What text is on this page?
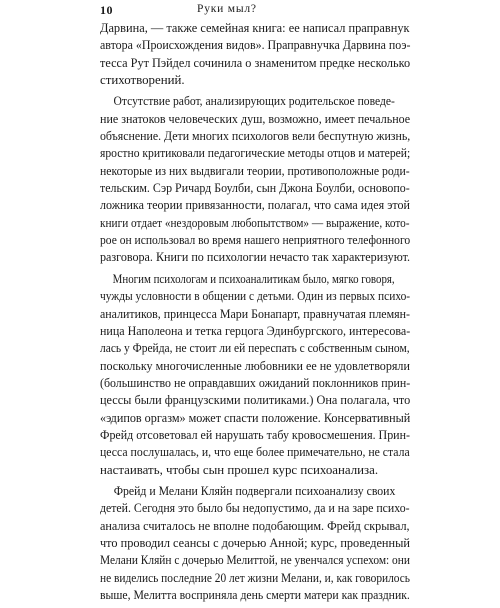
10	Руки мыл?
Дарвина, — также семейная книга: ее написал праправнук
автора «Происхождения видов». Праправнучка Дарвина поэ-
тесса Рут Пэйдел сочинила о знаменитом предке несколько
стихотворений.
Отсутствие работ, анализирующих родительское поведе-
ние знатоков человеческих душ, возможно, имеет печальное
объяснение. Дети многих психологов вели беспутную жизнь,
яростно критиковали педагогические методы отцов и матерей;
некоторые из них выдвигали теории, противоположные роди-
тельским. Сэр Ричард Боулби, сын Джона Боулби, основопо-
ложника теории привязанности, полагал, что сама идея этой
книги отдает «нездоровым любопытством» — выражение, кото-
рое он использовал во время нашего неприятного телефонного
разговора. Книги по психологии нечасто так характеризуют.
Многим психологам и психоаналитикам было, мягко говоря,
чужды условности в общении с детьми. Один из первых психо-
аналитиков, принцесса Мари Бонапарт, правнучатая племян-
ница Наполеона и тетка герцога Эдинбургского, интересова-
лась у Фрейда, не стоит ли ей переспать с собственным сыном,
поскольку многочисленные любовники ее не удовлетворяли
(большинство не оправдавших ожиданий поклонников прин-
цессы были французскими политиками.) Она полагала, что
«эдипов оргазм» может спасти положение. Консервативный
Фрейд отсоветовал ей нарушать табу кровосмешения. Прин-
цесса послушалась, и, что еще более примечательно, не стала
настаивать, чтобы сын прошел курс психоанализа.
Фрейд и Мелани Кляйн подвергали психоанализу своих
детей. Сегодня это было бы недопустимо, да и на заре психо-
анализа считалось не вполне подобающим. Фрейд скрывал,
что проводил сеансы с дочерью Анной; курс, проведенный
Мелани Кляйн с дочерью Мелиттой, не увенчался успехом: они
не виделись последние 20 лет жизни Мелани, и, как говорилось
выше, Мелитта восприняла день смерти матери как праздник.
